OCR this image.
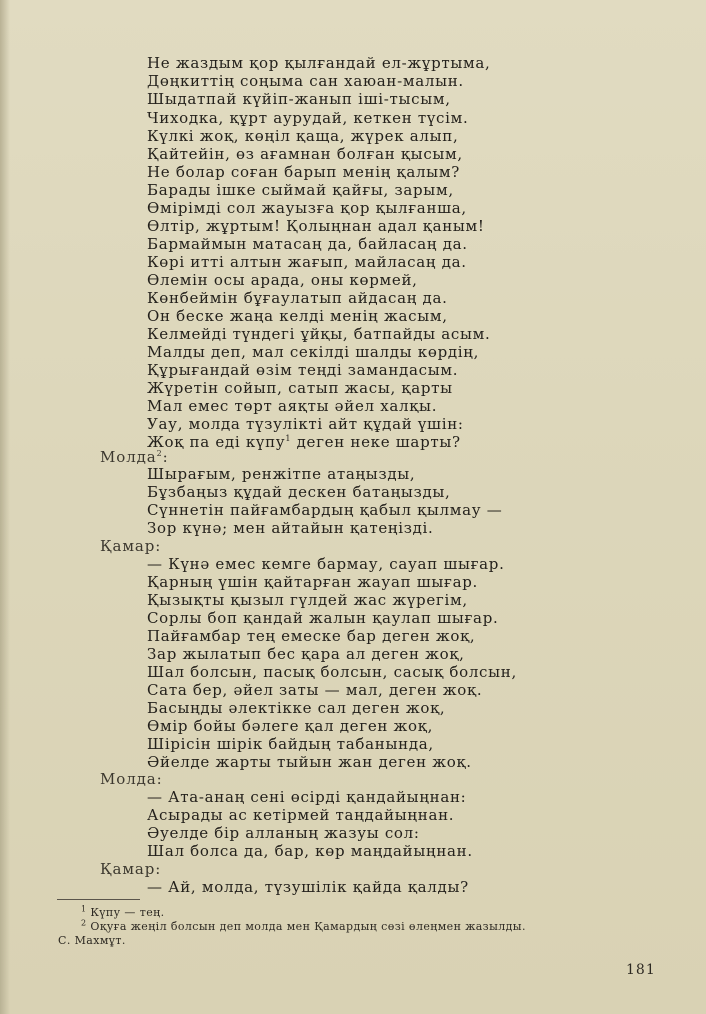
Не жаздым қор қылғандай ел-жұртыма,
Дөңкиттің соңыма сан хаюан-малын.
Шыдатпай күйіп-жанып іші-тысым,
Чиходка, құрт аурудай, кеткен түсім.
Күлкі жоқ, көңіл қаща, жүрек алып,
Қайтейін, өз ағамнан болған қысым,
Не болар соған барып менің қалым?
Барады ішке сыймай қайғы, зарым,
Өмірімді сол жауызға қор қылғанша,
Өлтір, жұртым! Қолыңнан адал қаным!
Бармаймын матасаң да, байласаң да.
Көрі итті алтын жағып, майласаң да.
Өлемін осы арада, оны көрмей,
Көнбеймін бұғаулатып айдасаң да.
Он беске жаңа келді менің жасым,
Келмейді түндегі ұйқы, батпайды асым.
Малды деп, мал секілді шалды көрдің,
Құрығандай өзім теңді замандасым.
Жүретін сойып, сатып жасы, қарты
Мал емес төрт аяқты әйел халқы.
Уау, молда түзулікті айт құдай үшін:
Жоқ па еді күпу$^1$ деген неке шарты?
Молда$^2$:
Шырағым, ренжітпе атаңызды,
Бұзбаңыз құдай деcкен батаңызды,
Сүннетін пайғамбардың қабыл қылмау —
Зор күнә; мен айтайын қатеңізді.
Қамар:
— Күнә емес кемге бармау, сауап шығар.
Қарның үшін қайтарған жауап шығар.
Қызықты қызыл гүлдей жас жүрегім,
Сорлы боп қандай жалын қаулап шығар.
Пайғамбар тең емеске бар деген жоқ,
Зар жылатып бес қара ал деген жоқ,
Шал болсын, пасық болсын, сасық болсын,
Сата бер, әйел заты — мал, деген жоқ.
Басыңды әлектікке сал деген жоқ,
Өмір бойы бәлеге қал деген жоқ,
Шірісін шірік байдың табанында,
Әйелде жарты тыйын жан деген жоқ.
Молда:
— Ата-анаң сені өсірді қандайыңнан:
Асырады ас кетірмей таңдайыңнан.
Әуелде бір алланың жазуы сол:
Шал болса да, бар, көр маңдайыңнан.
Қамар:
— Ай, молда, түзушілік қайда қалды?
$^1$ Күпу — тең.
$^2$ Оқуға жеңіл болсын деп молда мен Қамардың сөзі өлеңмен жазылды.
С. Махмұт.
181
